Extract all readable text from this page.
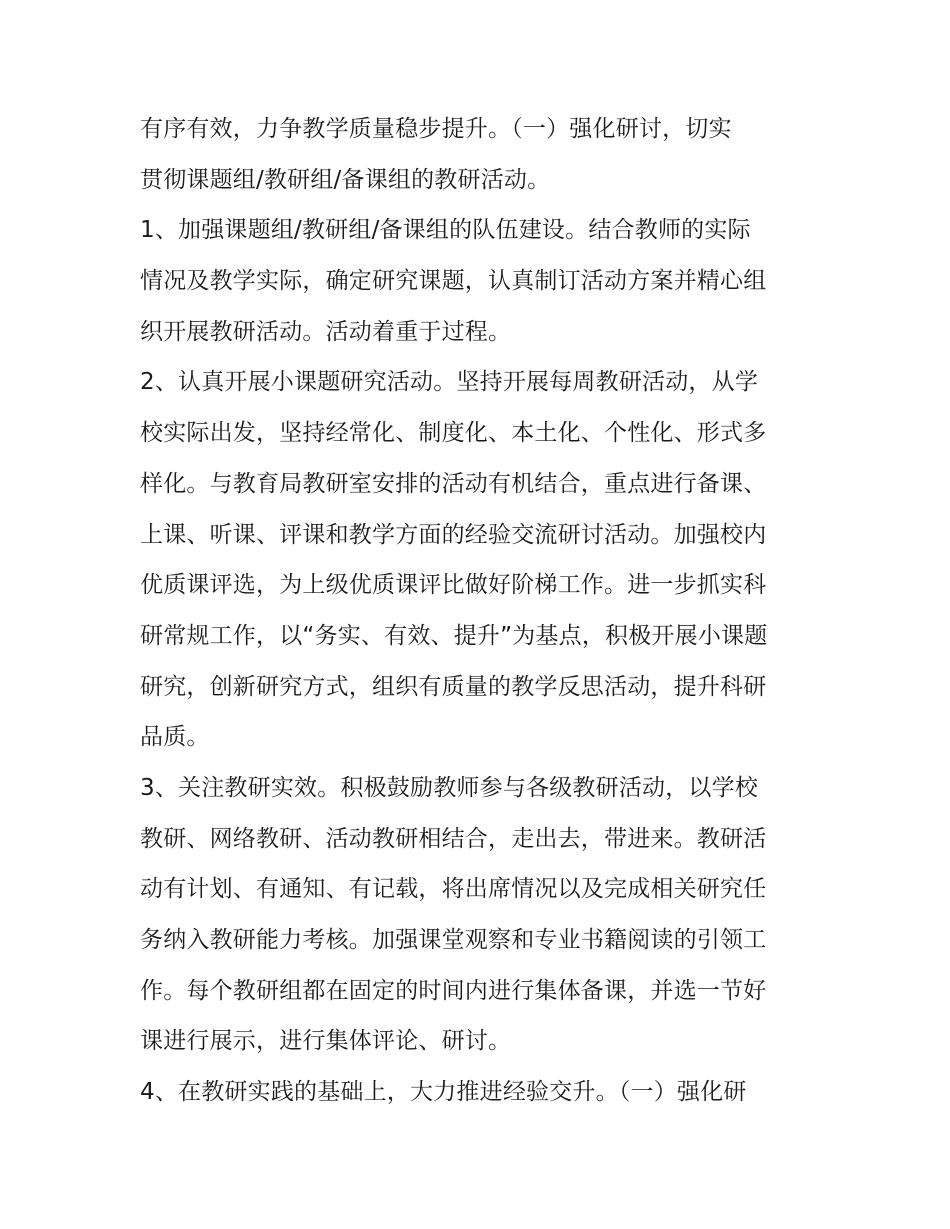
有序有效，力争教学质量稳步提升。（一）强化研讨，切实
贯彻课题组/教研组/备课组的教研活动。
1、加强课题组/教研组/备课组的队伍建设。结合教师的实际
情况及教学实际，确定研究课题，认真制订活动方案并精心组
织开展教研活动。活动着重于过程。
2、认真开展小课题研究活动。坚持开展每周教研活动，从学
校实际出发，坚持经常化、制度化、本土化、个性化、形式多
样化。与教育局教研室安排的活动有机结合，重点进行备课、
上课、听课、评课和教学方面的经验交流研讨活动。加强校内
优质课评选，为上级优质课评比做好阶梯工作。进一步抓实科
研常规工作，以“务实、有效、提升”为基点，积极开展小课题
研究，创新研究方式，组织有质量的教学反思活动，提升科研
品质。
3、关注教研实效。积极鼓励教师参与各级教研活动，以学校
教研、网络教研、活动教研相结合，走出去，带进来。教研活
动有计划、有通知、有记载，将出席情况以及完成相关研究任
务纳入教研能力考核。加强课堂观察和专业书籍阅读的引领工
作。每个教研组都在固定的时间内进行集体备课，并选一节好
课进行展示，进行集体评论、研讨。
4、在教研实践的基础上，大力推进经验交升。（一）强化研
